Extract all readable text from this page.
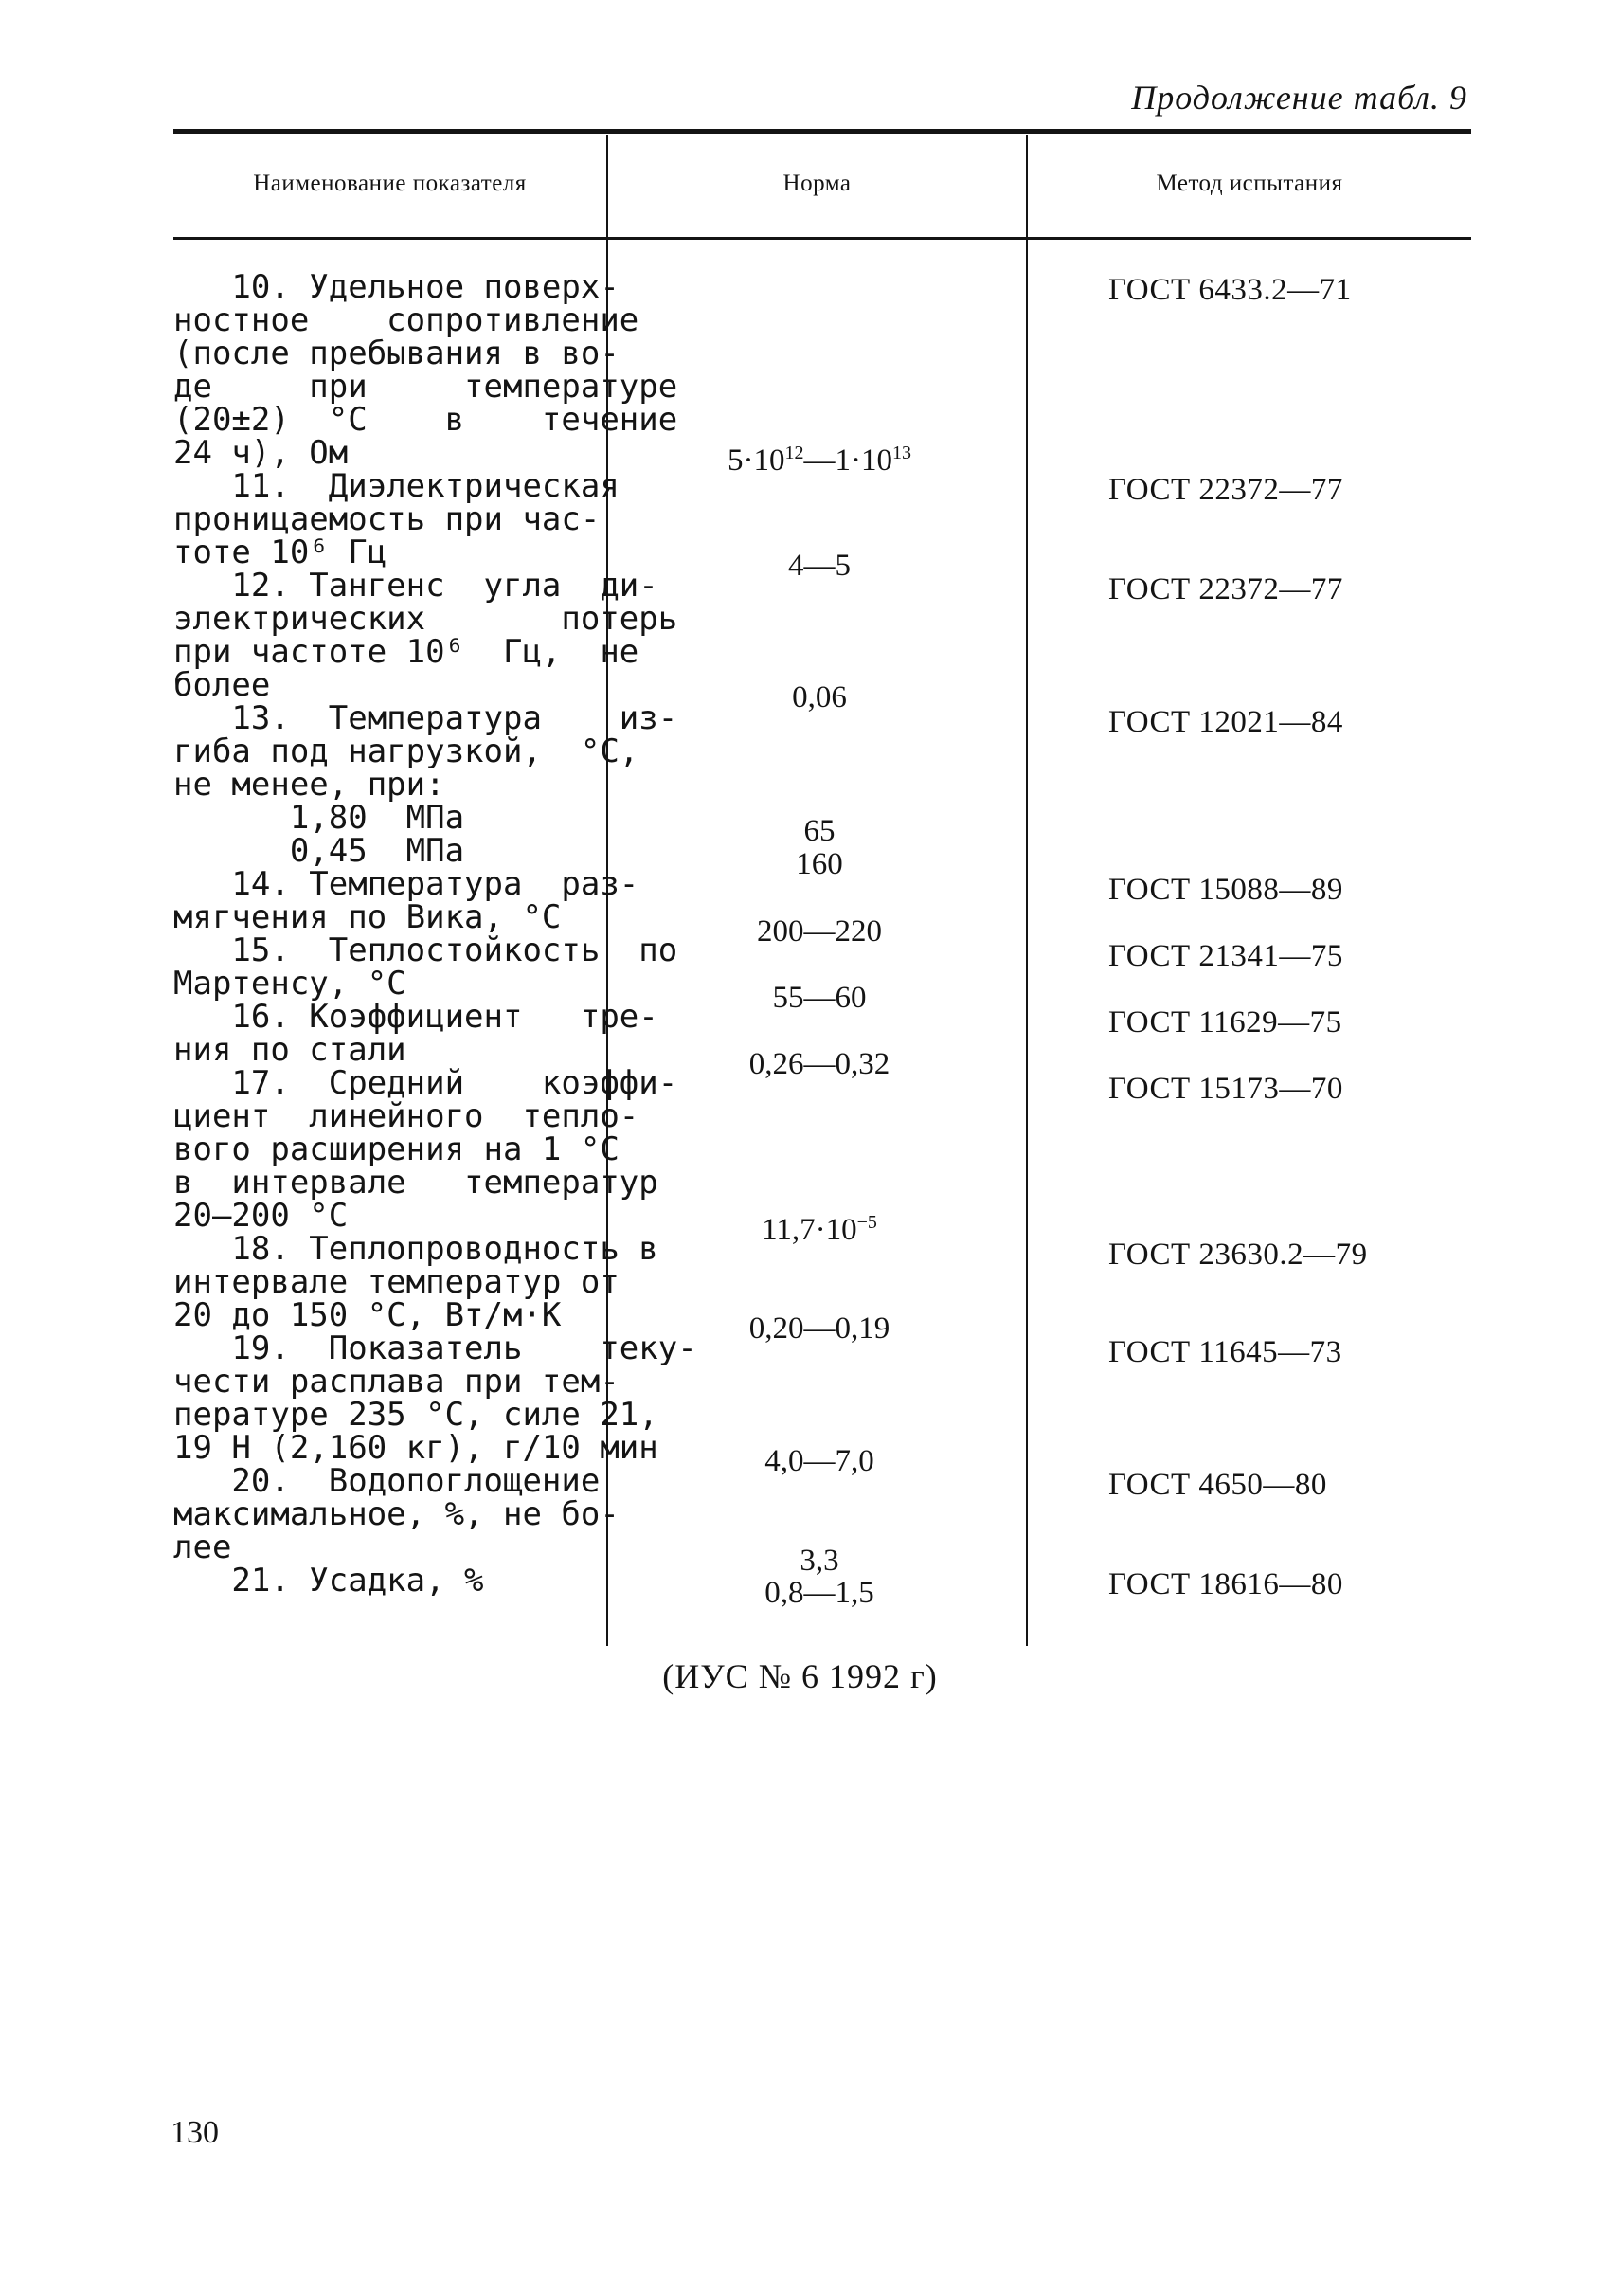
Продолжение табл. 9
Наименование показателя	Норма	Метод испытания
10. Удельное поверх-
ностное    сопротивление
(после пребывания в во-
де     при     температуре
(20±2)  °С    в    течение
24 ч), Ом
11.  Диэлектрическая
проницаемость при час-
тоте 10⁶ Гц
12. Тангенс  угла  ди-
электрических       потерь
при частоте 10⁶  Гц,  не
более
13.  Температура    из-
гиба под нагрузкой,  °С,
не менее, при:
1,80  МПа
0,45  МПа
14. Температура  раз-
мягчения по Вика, °С
15.  Теплостойкость  по
Мартенсу, °С
16. Коэффициент   тре-
ния по стали
17.  Средний    коэффи-
циент  линейного  тепло-
вого расширения на 1 °С
в  интервале   температур
20—200 °С
18. Теплопроводность в
интервале температур от
20 до 150 °С, Вт/м·К
19.  Показатель    теку-
чести расплава при тем-
пературе 235 °С, силе 21,
19 Н (2,160 кг), г/10 мин
20.  Водопоглощение
максимальное, %, не бо-
лее
21. Усадка, %
$5\cdot 10^{12}—1\cdot 10^{13}$
4—5
0,06
65
160
200—220
55—60
0,26—0,32
$11,7\cdot 10^{-5}$
0,20—0,19
4,0—7,0
3,3
0,8—1,5
ГОСТ 6433.2—71
ГОСТ 22372—77
ГОСТ 22372—77
ГОСТ 12021—84
ГОСТ 15088—89
ГОСТ 21341—75
ГОСТ 11629—75
ГОСТ 15173—70
ГОСТ 23630.2—79
ГОСТ 11645—73
ГОСТ 4650—80
ГОСТ 18616—80
(ИУС № 6 1992 г)
130
